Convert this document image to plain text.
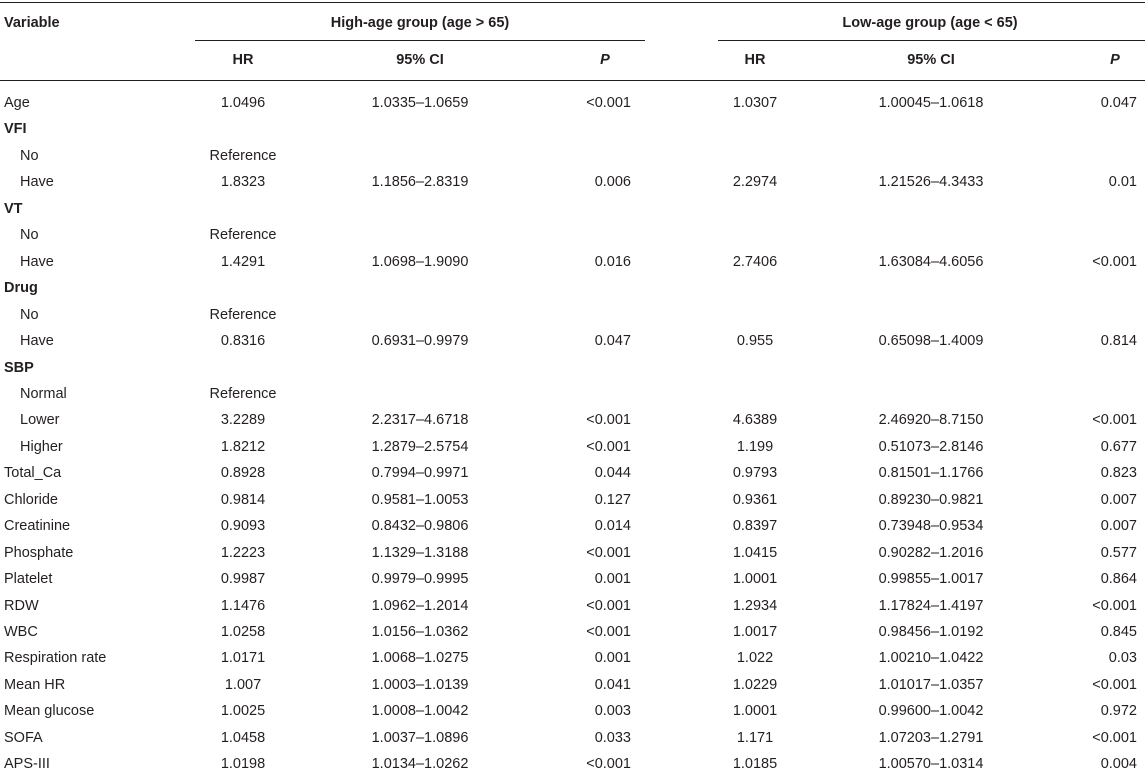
Variable	High-age group (age > 65)	Low-age group (age < 65)
HR	95% CI	P	HR	95% CI	P
Age	1.0496	1.0335–1.0659	<0.001	1.0307	1.00045–1.0618	0.047
VFI
No	Reference
Have	1.8323	1.1856–2.8319	0.006	2.2974	1.21526–4.3433	0.01
VT
No	Reference
Have	1.4291	1.0698–1.9090	0.016	2.7406	1.63084–4.6056	<0.001
Drug
No	Reference
Have	0.8316	0.6931–0.9979	0.047	0.955	0.65098–1.4009	0.814
SBP
Normal	Reference
Lower	3.2289	2.2317–4.6718	<0.001	4.6389	2.46920–8.7150	<0.001
Higher	1.8212	1.2879–2.5754	<0.001	1.199	0.51073–2.8146	0.677
Total_Ca	0.8928	0.7994–0.9971	0.044	0.9793	0.81501–1.1766	0.823
Chloride	0.9814	0.9581–1.0053	0.127	0.9361	0.89230–0.9821	0.007
Creatinine	0.9093	0.8432–0.9806	0.014	0.8397	0.73948–0.9534	0.007
Phosphate	1.2223	1.1329–1.3188	<0.001	1.0415	0.90282–1.2016	0.577
Platelet	0.9987	0.9979–0.9995	0.001	1.0001	0.99855–1.0017	0.864
RDW	1.1476	1.0962–1.2014	<0.001	1.2934	1.17824–1.4197	<0.001
WBC	1.0258	1.0156–1.0362	<0.001	1.0017	0.98456–1.0192	0.845
Respiration rate	1.0171	1.0068–1.0275	0.001	1.022	1.00210–1.0422	0.03
Mean HR	1.007	1.0003–1.0139	0.041	1.0229	1.01017–1.0357	<0.001
Mean glucose	1.0025	1.0008–1.0042	0.003	1.0001	0.99600–1.0042	0.972
SOFA	1.0458	1.0037–1.0896	0.033	1.171	1.07203–1.2791	<0.001
APS-III	1.0198	1.0134–1.0262	<0.001	1.0185	1.00570–1.0314	0.004
